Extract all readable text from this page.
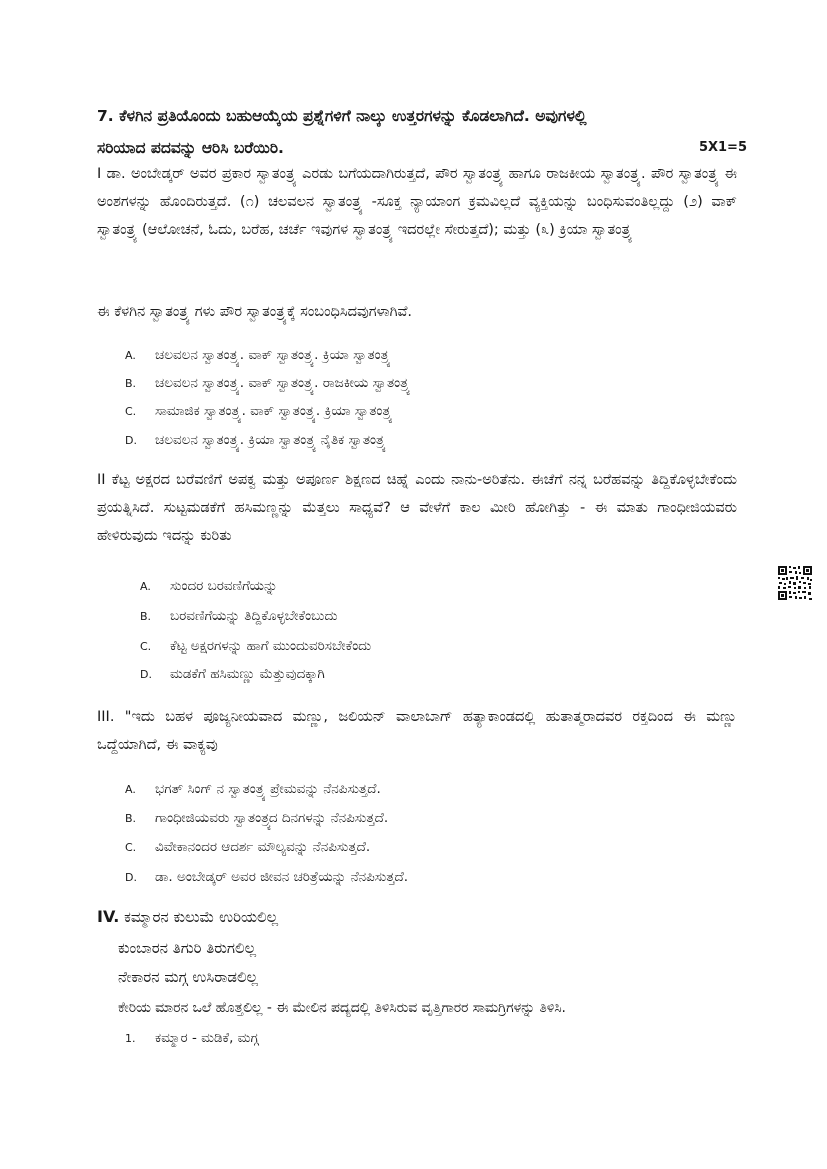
7. ಕೆಳಗಿನ ಪ್ರತಿಯೊಂದು ಬಹುಆಯ್ಕೆಯ ಪ್ರಶ್ನೆಗಳಿಗೆ ನಾಲ್ಕು ಉತ್ತರಗಳನ್ನು ಕೊಡಲಾಗಿದೆ. ಅವುಗಳಲ್ಲಿ
ಸರಿಯಾದ ಪದವನ್ನು ಆರಿಸಿ ಬರೆಯಿರಿ.	5X1=5
I ಡಾ. ಅಂಬೇಡ್ಕರ್ ಅವರ ಪ್ರಕಾರ ಸ್ವಾತಂತ್ರ್ಯ ಎರಡು ಬಗೆಯದಾಗಿರುತ್ತದೆ, ಪೌರ ಸ್ವಾತಂತ್ರ್ಯ ಹಾಗೂ ರಾಜಕೀಯ ಸ್ವಾತಂತ್ರ್ಯ. ಪೌರ ಸ್ವಾತಂತ್ರ್ಯ ಈ ಅಂಶಗಳನ್ನು ಹೊಂದಿರುತ್ತದೆ. (೧) ಚಲವಲನ ಸ್ವಾತಂತ್ರ್ಯ -ಸೂಕ್ತ ನ್ಯಾಯಾಂಗ ಕ್ರಮವಿಲ್ಲದೆ ವ್ಯಕ್ತಿಯನ್ನು ಬಂಧಿಸುವಂತಿಲ್ಲದ್ದು (೨) ವಾಕ್ ಸ್ವಾತಂತ್ರ್ಯ (ಆಲೋಚನೆ, ಓದು, ಬರೆಹ, ಚರ್ಚೆ ಇವುಗಳ ಸ್ವಾತಂತ್ರ್ಯ ಇದರಲ್ಲೇ ಸೇರುತ್ತದೆ); ಮತ್ತು (೩) ಕ್ರಿಯಾ ಸ್ವಾತಂತ್ರ್ಯ
ಈ ಕೆಳಗಿನ ಸ್ವಾತಂತ್ರ್ಯ ಗಳು ಪೌರ ಸ್ವಾತಂತ್ರ್ಯಕ್ಕೆ ಸಂಬಂಧಿಸಿದವುಗಳಾಗಿವೆ.
A. ಚಲವಲನ ಸ್ವಾತಂತ್ರ್ಯ. ವಾಕ್ ಸ್ವಾತಂತ್ರ್ಯ. ಕ್ರಿಯಾ ಸ್ವಾತಂತ್ರ್ಯ
B. ಚಲವಲನ ಸ್ವಾತಂತ್ರ್ಯ. ವಾಕ್ ಸ್ವಾತಂತ್ರ್ಯ. ರಾಜಕೀಯ ಸ್ವಾತಂತ್ರ್ಯ
C. ಸಾಮಾಜಿಕ ಸ್ವಾತಂತ್ರ್ಯ. ವಾಕ್ ಸ್ವಾತಂತ್ರ್ಯ. ಕ್ರಿಯಾ ಸ್ವಾತಂತ್ರ್ಯ
D. ಚಲವಲನ ಸ್ವಾತಂತ್ರ್ಯ. ಕ್ರಿಯಾ ಸ್ವಾತಂತ್ರ್ಯ ನೈತಿಕ ಸ್ವಾತಂತ್ರ್ಯ
II ಕೆಟ್ಟ ಅಕ್ಷರದ ಬರೆವಣಿಗೆ ಅಪಕ್ವ ಮತ್ತು ಅಪೂರ್ಣ ಶಿಕ್ಷಣದ ಚಿಹ್ನೆ ಎಂದು ನಾನು-ಅರಿತೆನು. ಈಚೆಗೆ ನನ್ನ ಬರೆಹವನ್ನು ತಿದ್ದಿಕೊಳ್ಳಬೇಕೆಂದು ಪ್ರಯತ್ನಿಸಿದೆ. ಸುಟ್ಟಮಡಕೆಗೆ ಹಸಿಮಣ್ಣನ್ನು ಮೆತ್ತಲು ಸಾಧ್ಯವೆ? ಆ ವೇಳೆಗೆ ಕಾಲ ಮೀರಿ ಹೋಗಿತ್ತು - ಈ ಮಾತು ಗಾಂಧೀಜಿಯವರು ಹೇಳಿರುವುದು ಇದನ್ನು ಕುರಿತು
A. ಸುಂದರ ಬರವಣಿಗೆಯನ್ನು
B. ಬರವಣಿಗೆಯನ್ನು ತಿದ್ದಿಕೊಳ್ಳಬೇಕೆಂಬುದು
C. ಕೆಟ್ಟ ಅಕ್ಷರಗಳನ್ನು ಹಾಗೆ ಮುಂದುವರಿಸಬೇಕೆಂದು
D. ಮಡಕೆಗೆ ಹಸಿಮಣ್ಣು ಮೆತ್ತುವುದಕ್ಕಾಗಿ
III. "ಇದು ಬಹಳ ಪೂಜ್ಯನೀಯವಾದ ಮಣ್ಣು, ಜಲಿಯನ್ ವಾಲಾಬಾಗ್ ಹತ್ಯಾಕಾಂಡದಲ್ಲಿ ಹುತಾತ್ಮರಾದವರ ರಕ್ತದಿಂದ ಈ ಮಣ್ಣು ಒದ್ದೆಯಾಗಿದೆ, ಈ ವಾಕ್ಯವು
A. ಭಗತ್ ಸಿಂಗ್ ನ ಸ್ವಾತಂತ್ರ್ಯ ಪ್ರೇಮವನ್ನು ನೆನಪಿಸುತ್ತದೆ.
B. ಗಾಂಧೀಜಿಯವರು ಸ್ವಾತಂತ್ರ್ಯದ ದಿನಗಳನ್ನು ನೆನಪಿಸುತ್ತದೆ.
C. ವಿವೇಕಾನಂದರ ಆದರ್ಶ ಮೌಲ್ಯವನ್ನು ನೆನಪಿಸುತ್ತದೆ.
D. ಡಾ. ಅಂಬೇಡ್ಕರ್ ಅವರ ಜೀವನ ಚರಿತ್ರೆಯನ್ನು ನೆನಪಿಸುತ್ತದೆ.
IV. ಕಮ್ಮಾರನ ಕುಲುಮೆ ಉರಿಯಲಿಲ್ಲ
ಕುಂಬಾರನ ತಿಗುರಿ ತಿರುಗಲಿಲ್ಲ
ನೇಕಾರನ ಮಗ್ಗ ಉಸಿರಾಡಲಿಲ್ಲ
ಕೇರಿಯ ಮಾರನ ಒಲೆ ಹೊತ್ತಲಿಲ್ಲ - ಈ ಮೇಲಿನ ಪದ್ಯದಲ್ಲಿ ತಿಳಿಸಿರುವ ವೃತ್ತಿಗಾರರ ಸಾಮಗ್ರಿಗಳನ್ನು ತಿಳಿಸಿ.
1. ಕಮ್ಮಾರ - ಮಡಿಕೆ, ಮಗ್ಗ
